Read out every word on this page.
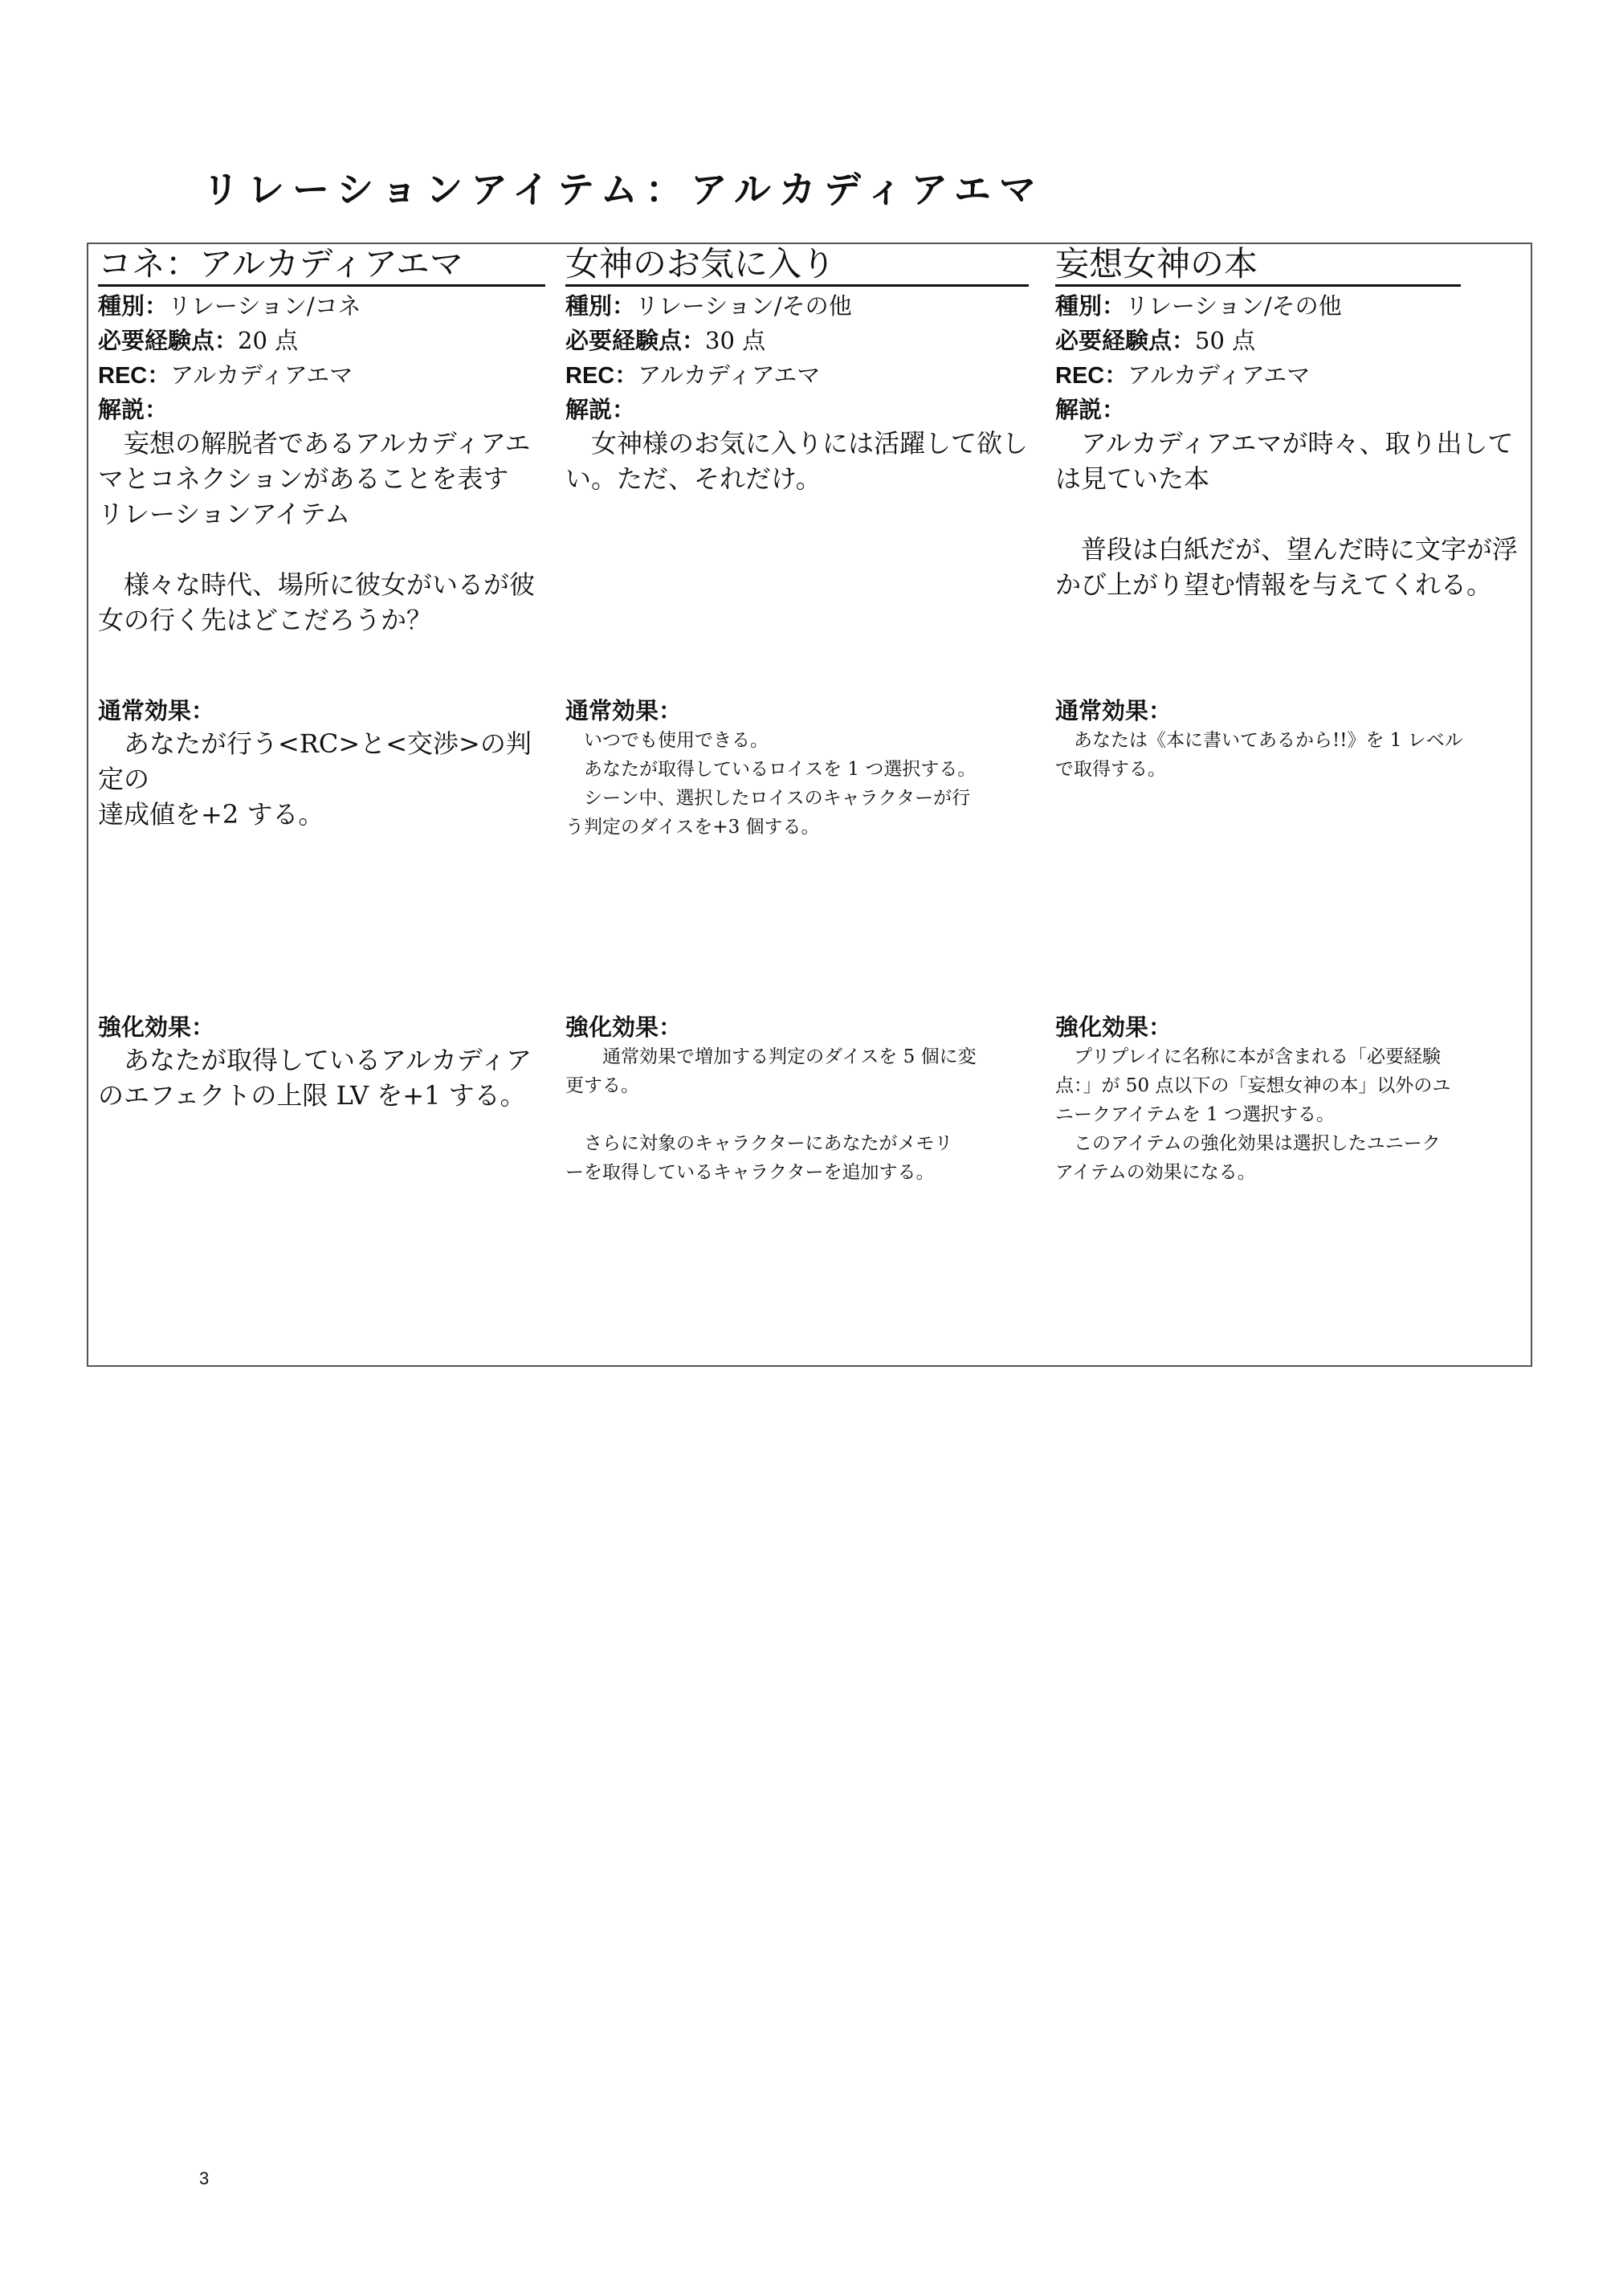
リレーションアイテム：アルカディアエマ
コネ：アルカディアエマ
種別：リレーション/コネ
必要経験点：20 点
REC：アルカディアエマ
解説：
　妄想の解脱者であるアルカディアエ
マとコネクションがあることを表す
リレーションアイテム

　様々な時代、場所に彼女がいるが彼
女の行く先はどこだろうか？
通常効果：
　あなたが行う<RC>と<交渉>の判定の
達成値を+2 する。
強化効果：
　あなたが取得しているアルカディア
のエフェクトの上限 LV を+1 する。
女神のお気に入り
種別：リレーション/その他
必要経験点：30 点
REC：アルカディアエマ
解説：
　女神様のお気に入りには活躍して欲し
い。ただ、それだけ。
通常効果：
　いつでも使用できる。
　あなたが取得しているロイスを 1 つ選択する。
　シーン中、選択したロイスのキャラクターが行
う判定のダイスを+3 個する。
強化効果：
　　通常効果で増加する判定のダイスを 5 個に変
更する。

　さらに対象のキャラクターにあなたがメモリ
ーを取得しているキャラクターを追加する。
妄想女神の本
種別：リレーション/その他
必要経験点：50 点
REC：アルカディアエマ
解説：
　アルカディアエマが時々、取り出して
は見ていた本

　普段は白紙だが、望んだ時に文字が浮
かび上がり望む情報を与えてくれる。
通常効果：
　あなたは《本に書いてあるから!!》を 1 レベル
で取得する。
強化効果：
　プリプレイに名称に本が含まれる「必要経験
点：」が 50 点以下の「妄想女神の本」以外のユ
ニークアイテムを 1 つ選択する。
　このアイテムの強化効果は選択したユニーク
アイテムの効果になる。
3
